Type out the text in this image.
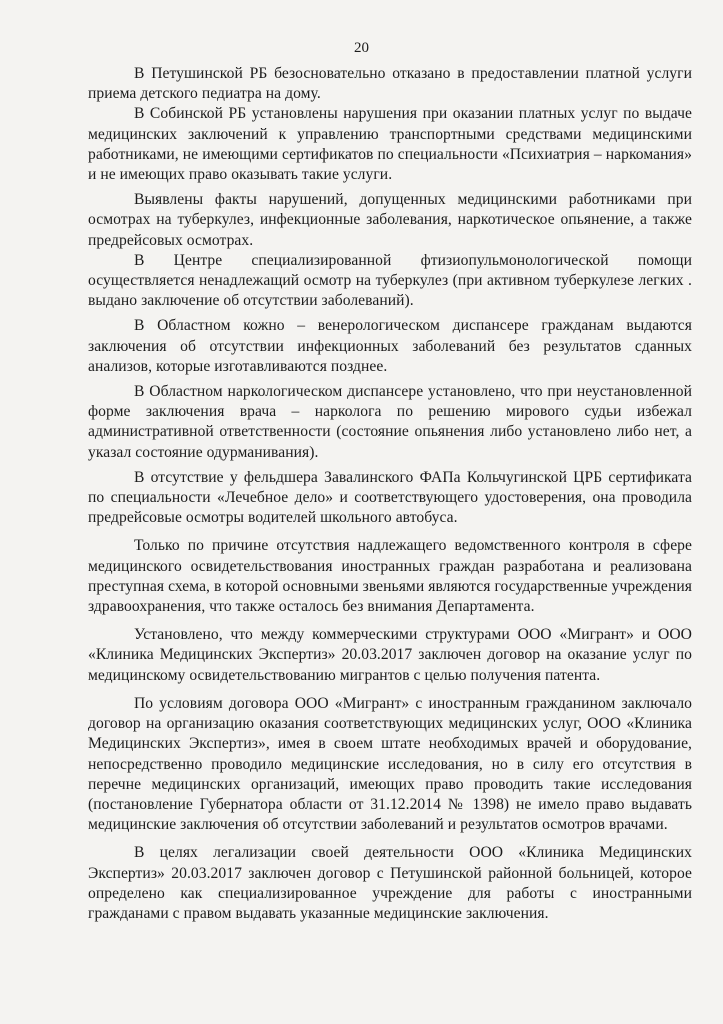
20

В Петушинской РБ безосновательно отказано в предоставлении платной услуги приема детского педиатра на дому.

В Собинской РБ установлены нарушения при оказании платных услуг по выдаче медицинских заключений к управлению транспортными средствами медицинскими работниками, не имеющими сертификатов по специальности «Психиатрия – наркомания» и не имеющих право оказывать такие услуги.

Выявлены факты нарушений, допущенных медицинскими работниками при осмотрах на туберкулез, инфекционные заболевания, наркотическое опьянение, а также предрейсовых осмотрах.

В Центре специализированной фтизиопульмонологической помощи осуществляется ненадлежащий осмотр на туберкулез (при активном туберкулезе легких . выдано заключение об отсутствии заболеваний).

В Областном кожно – венерологическом диспансере гражданам выдаются заключения об отсутствии инфекционных заболеваний без результатов сданных анализов, которые изготавливаются позднее.

В Областном наркологическом диспансере установлено, что при неустановленной форме заключения врача – нарколога по решению мирового судьи избежал административной ответственности (состояние опьянения либо установлено либо нет, а указал состояние одурманивания).

В отсутствие у фельдшера Завалинского ФАПа Кольчугинской ЦРБ сертификата по специальности «Лечебное дело» и соответствующего удостоверения, она проводила предрейсовые осмотры водителей школьного автобуса.

Только по причине отсутствия надлежащего ведомственного контроля в сфере медицинского освидетельствования иностранных граждан разработана и реализована преступная схема, в которой основными звеньями являются государственные учреждения здравоохранения, что также осталось без внимания Департамента.

Установлено, что между коммерческими структурами ООО «Мигрант» и ООО «Клиника Медицинских Экспертиз» 20.03.2017 заключен договор на оказание услуг по медицинскому освидетельствованию мигрантов с целью получения патента.

По условиям договора ООО «Мигрант» с иностранным гражданином заключало договор на организацию оказания соответствующих медицинских услуг, ООО «Клиника Медицинских Экспертиз», имея в своем штате необходимых врачей и оборудование, непосредственно проводило медицинские исследования, но в силу его отсутствия в перечне медицинских организаций, имеющих право проводить такие исследования (постановление Губернатора области от 31.12.2014 № 1398) не имело право выдавать медицинские заключения об отсутствии заболеваний и результатов осмотров врачами.

В целях легализации своей деятельности ООО «Клиника Медицинских Экспертиз» 20.03.2017 заключен договор с Петушинской районной больницей, которое определено как специализированное учреждение для работы с иностранными гражданами с правом выдавать указанные медицинские заключения.
